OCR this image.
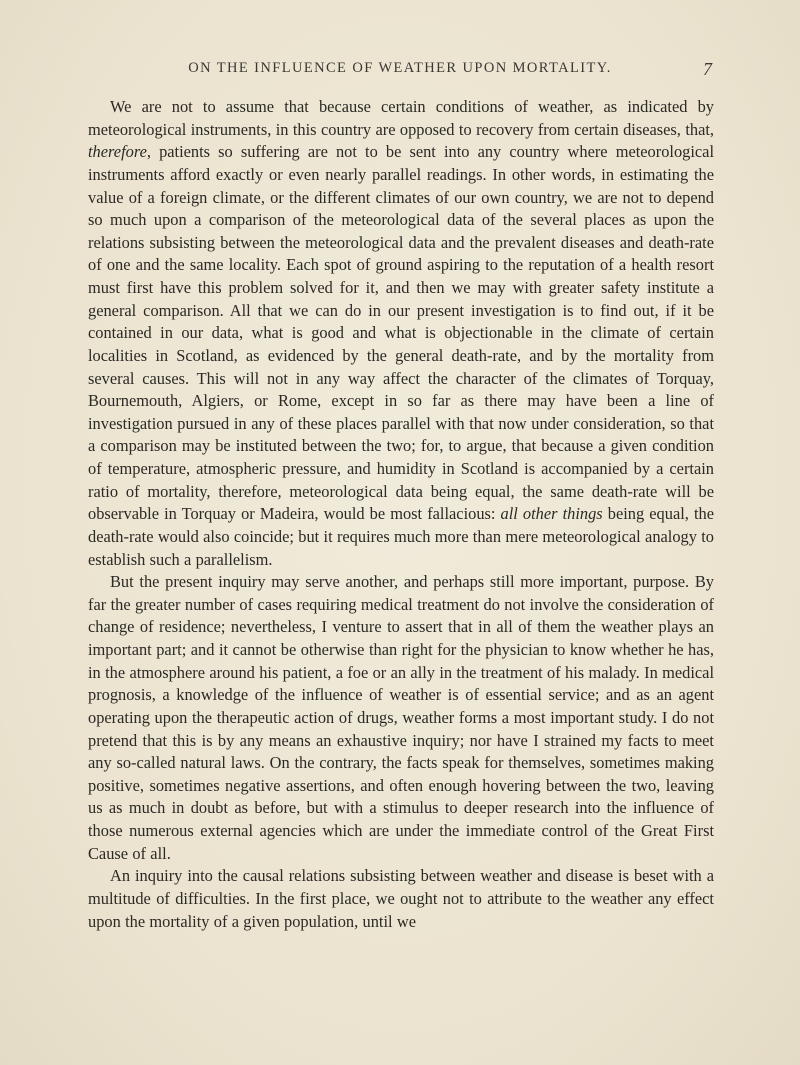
ON THE INFLUENCE OF WEATHER UPON MORTALITY.	7

We are not to assume that because certain conditions of weather, as indicated by meteorological instruments, in this country are opposed to recovery from certain diseases, that, therefore, patients so suffering are not to be sent into any country where meteorological instruments afford exactly or even nearly parallel readings. In other words, in estimating the value of a foreign climate, or the different climates of our own country, we are not to depend so much upon a comparison of the meteorological data of the several places as upon the relations subsisting between the meteorological data and the prevalent diseases and death-rate of one and the same locality. Each spot of ground aspiring to the reputation of a health resort must first have this problem solved for it, and then we may with greater safety institute a general comparison. All that we can do in our present investigation is to find out, if it be contained in our data, what is good and what is objectionable in the climate of certain localities in Scotland, as evidenced by the general death-rate, and by the mortality from several causes. This will not in any way affect the character of the climates of Torquay, Bournemouth, Algiers, or Rome, except in so far as there may have been a line of investigation pursued in any of these places parallel with that now under consideration, so that a comparison may be instituted between the two; for, to argue, that because a given condition of temperature, atmospheric pressure, and humidity in Scotland is accompanied by a certain ratio of mortality, therefore, meteorological data being equal, the same death-rate will be observable in Torquay or Madeira, would be most fallacious: all other things being equal, the death-rate would also coincide; but it requires much more than mere meteorological analogy to establish such a parallelism.

But the present inquiry may serve another, and perhaps still more important, purpose. By far the greater number of cases requiring medical treatment do not involve the consideration of change of residence; nevertheless, I venture to assert that in all of them the weather plays an important part; and it cannot be otherwise than right for the physician to know whether he has, in the atmosphere around his patient, a foe or an ally in the treatment of his malady. In medical prognosis, a knowledge of the influence of weather is of essential service; and as an agent operating upon the therapeutic action of drugs, weather forms a most important study. I do not pretend that this is by any means an exhaustive inquiry; nor have I strained my facts to meet any so-called natural laws. On the contrary, the facts speak for themselves, sometimes making positive, sometimes negative assertions, and often enough hovering between the two, leaving us as much in doubt as before, but with a stimulus to deeper research into the influence of those numerous external agencies which are under the immediate control of the Great First Cause of all.

An inquiry into the causal relations subsisting between weather and disease is beset with a multitude of difficulties. In the first place, we ought not to attribute to the weather any effect upon the mortality of a given population, until we
